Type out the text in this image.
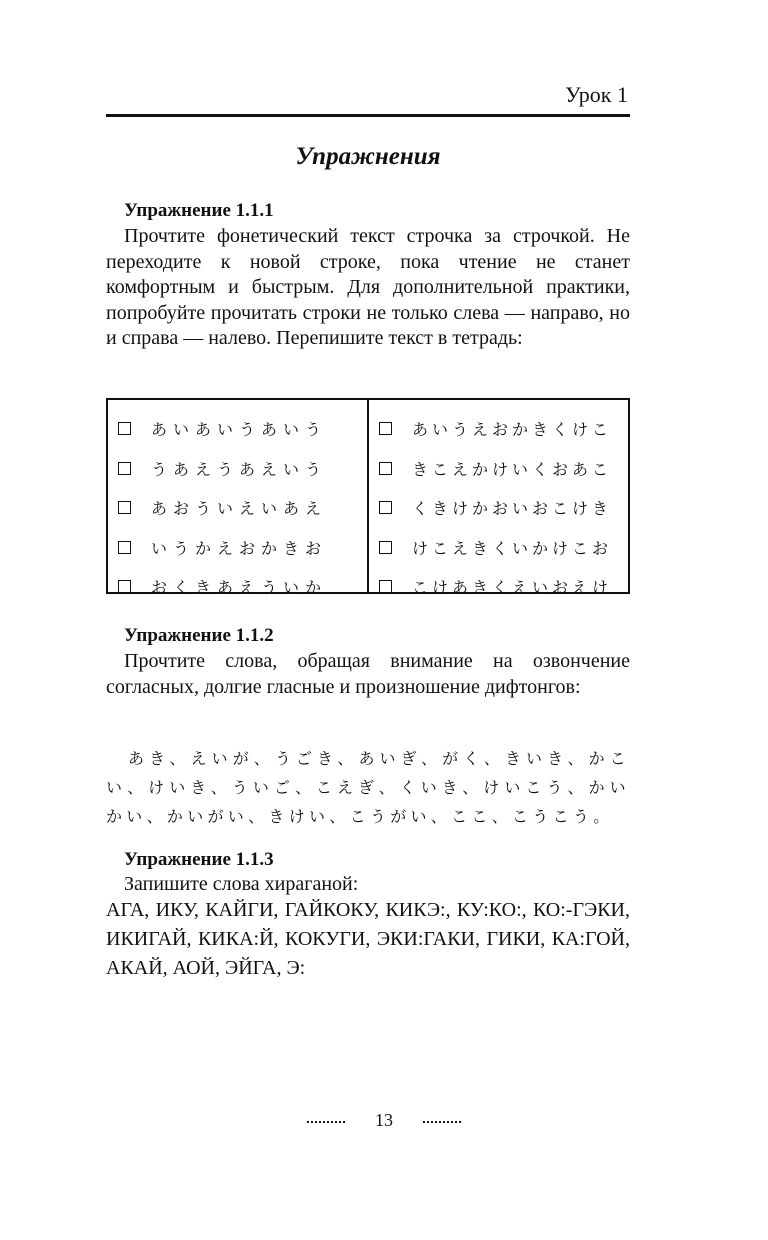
Урок 1
Упражнения
Упражнение 1.1.1

Прочтите фонетический текст строчка за строчкой. Не переходите к новой строке, пока чтение не станет комфортным и быстрым. Для дополнительной практики, попробуйте прочитать строки не только слева — направо, но и справа — налево. Перепишите текст в тетрадь:

あいあいうあいう
うあえうあえいう
あおういえいあえ
いうかえおかきお
おくきあえういか
あいうえおかきくけこ
きこえかけいくおあこ
くきけかおいおこけき
けこえきくいかけこお
こけあきくえいおえけ
Упражнение 1.1.2

Прочтите слова, обращая внимание на озвончение согласных, долгие гласные и произношение дифтонгов:

あき、えいが、うごき、あいぎ、がく、きいき、かこい、けいき、ういご、こえぎ、くいき、けいこう、かいかい、かいがい、きけい、こうがい、ここ、こうこう。

Упражнение 1.1.3
Запишите слова хираганой:

АГА, ИКУ, КАЙГИ, ГАЙКОКУ, КИКЭ:, КУ:КО:, КО:-ГЭКИ, ИКИГАЙ, КИКА:Й, КОКУГИ, ЭКИ:ГАКИ, ГИКИ, КА:ГОЙ, АКАЙ, АОЙ, ЭЙГА, Э:

13
